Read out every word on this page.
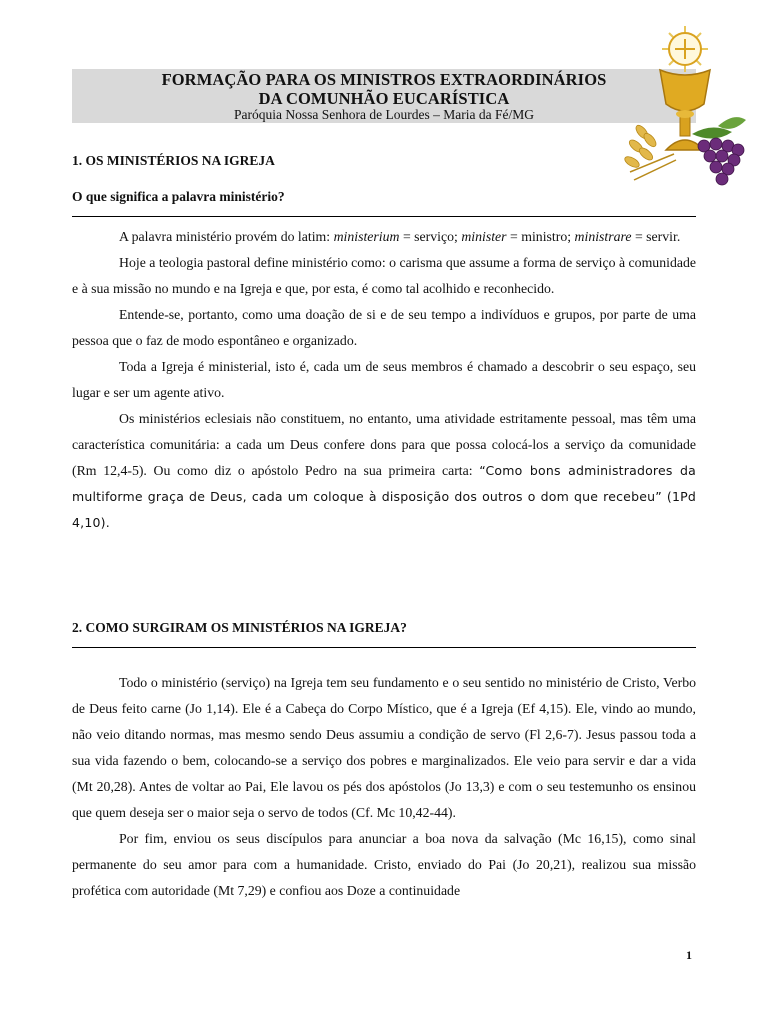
FORMAÇÃO PARA OS MINISTROS EXTRAORDINÁRIOS
DA COMUNHÃO EUCARÍSTICA
Paróquia Nossa Senhora de Lourdes – Maria da Fé/MG
1. OS MINISTÉRIOS NA IGREJA
O que significa a palavra ministério?

A palavra ministério provém do latim: ministerium = serviço; minister = ministro; ministrare = servir.

Hoje a teologia pastoral define ministério como: o carisma que assume a forma de serviço à comunidade e à sua missão no mundo e na Igreja e que, por esta, é como tal acolhido e reconhecido.

Entende-se, portanto, como uma doação de si e de seu tempo a indivíduos e grupos, por parte de uma pessoa que o faz de modo espontâneo e organizado.

Toda a Igreja é ministerial, isto é, cada um de seus membros é chamado a descobrir o seu espaço, seu lugar e ser um agente ativo.

Os ministérios eclesiais não constituem, no entanto, uma atividade estritamente pessoal, mas têm uma característica comunitária: a cada um Deus confere dons para que possa colocá-los a serviço da comunidade (Rm 12,4-5). Ou como diz o apóstolo Pedro na sua primeira carta: “Como bons administradores da multiforme graça de Deus, cada um coloque à disposição dos outros o dom que recebeu” (1Pd 4,10).

2. COMO SURGIRAM OS MINISTÉRIOS NA IGREJA?

Todo o ministério (serviço) na Igreja tem seu fundamento e o seu sentido no ministério de Cristo, Verbo de Deus feito carne (Jo 1,14). Ele é a Cabeça do Corpo Místico, que é a Igreja (Ef 4,15). Ele, vindo ao mundo, não veio ditando normas, mas mesmo sendo Deus assumiu a condição de servo (Fl 2,6-7). Jesus passou toda a sua vida fazendo o bem, colocando-se a serviço dos pobres e marginalizados. Ele veio para servir e dar a vida (Mt 20,28). Antes de voltar ao Pai, Ele lavou os pés dos apóstolos (Jo 13,3) e com o seu testemunho os ensinou que quem deseja ser o maior seja o servo de todos (Cf. Mc 10,42-44).

Por fim, enviou os seus discípulos para anunciar a boa nova da salvação (Mc 16,15), como sinal permanente do seu amor para com a humanidade. Cristo, enviado do Pai (Jo 20,21), realizou sua missão profética com autoridade (Mt 7,29) e confiou aos Doze a continuidade

1
